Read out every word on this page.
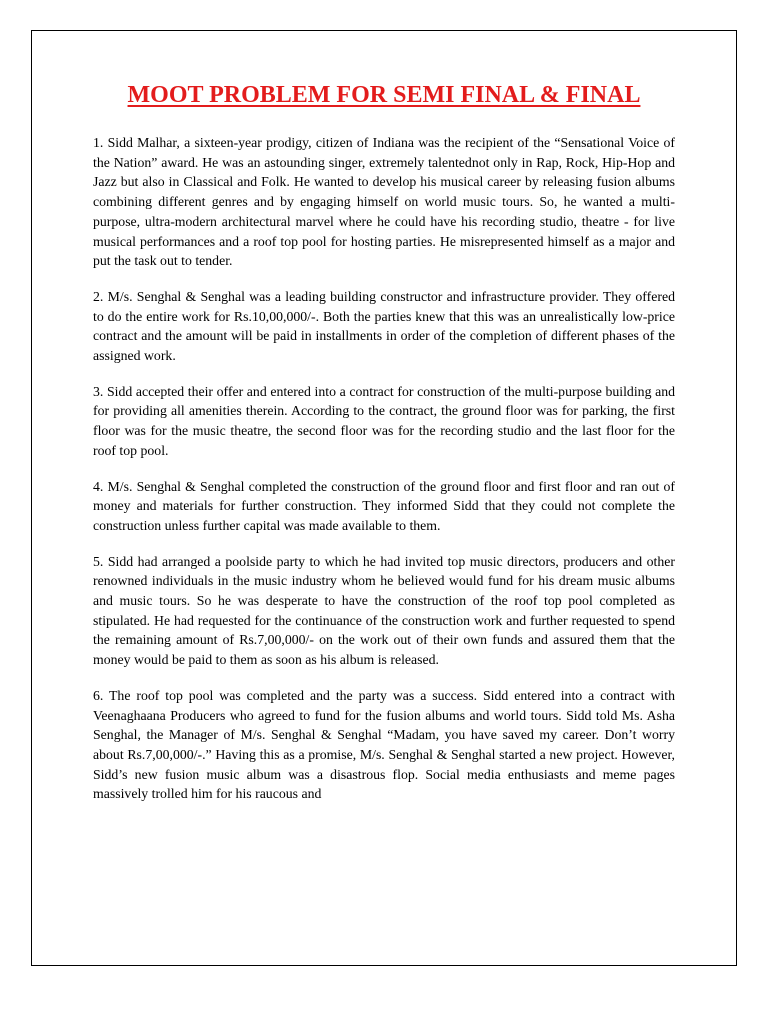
MOOT PROBLEM FOR SEMI FINAL & FINAL

1. Sidd Malhar, a sixteen-year prodigy, citizen of Indiana was the recipient of the “Sensational Voice of the Nation” award. He was an astounding singer, extremely talentednot only in Rap, Rock, Hip-Hop and Jazz but also in Classical and Folk. He wanted to develop his musical career by releasing fusion albums combining different genres and by engaging himself on world music tours. So, he wanted a multi-purpose, ultra-modern architectural marvel where he could have his recording studio, theatre - for live musical performances and a roof top pool for hosting parties. He misrepresented himself as a major and put the task out to tender.

2. M/s. Senghal & Senghal was a leading building constructor and infrastructure provider. They offered to do the entire work for Rs.10,00,000/-. Both the parties knew that this was an unrealistically low-price contract and the amount will be paid in installments in order of the completion of different phases of the assigned work.

3. Sidd accepted their offer and entered into a contract for construction of the multi-purpose building and for providing all amenities therein. According to the contract, the ground floor was for parking, the first floor was for the music theatre, the second floor was for the recording studio and the last floor for the roof top pool.

4. M/s. Senghal & Senghal completed the construction of the ground floor and first floor and ran out of money and materials for further construction. They informed Sidd that they could not complete the construction unless further capital was made available to them.

5. Sidd had arranged a poolside party to which he had invited top music directors, producers and other renowned individuals in the music industry whom he believed would fund for his dream music albums and music tours. So he was desperate to have the construction of the roof top pool completed as stipulated. He had requested for the continuance of the construction work and further requested to spend the remaining amount of Rs.7,00,000/- on the work out of their own funds and assured them that the money would be paid to them as soon as his album is released.

6. The roof top pool was completed and the party was a success. Sidd entered into a contract with Veenaghaana Producers who agreed to fund for the fusion albums and world tours. Sidd told Ms. Asha Senghal, the Manager of M/s. Senghal & Senghal “Madam, you have saved my career. Don’t worry about Rs.7,00,000/-.” Having this as a promise, M/s. Senghal & Senghal started a new project. However, Sidd’s new fusion music album was a disastrous flop. Social media enthusiasts and meme pages massively trolled him for his raucous and
